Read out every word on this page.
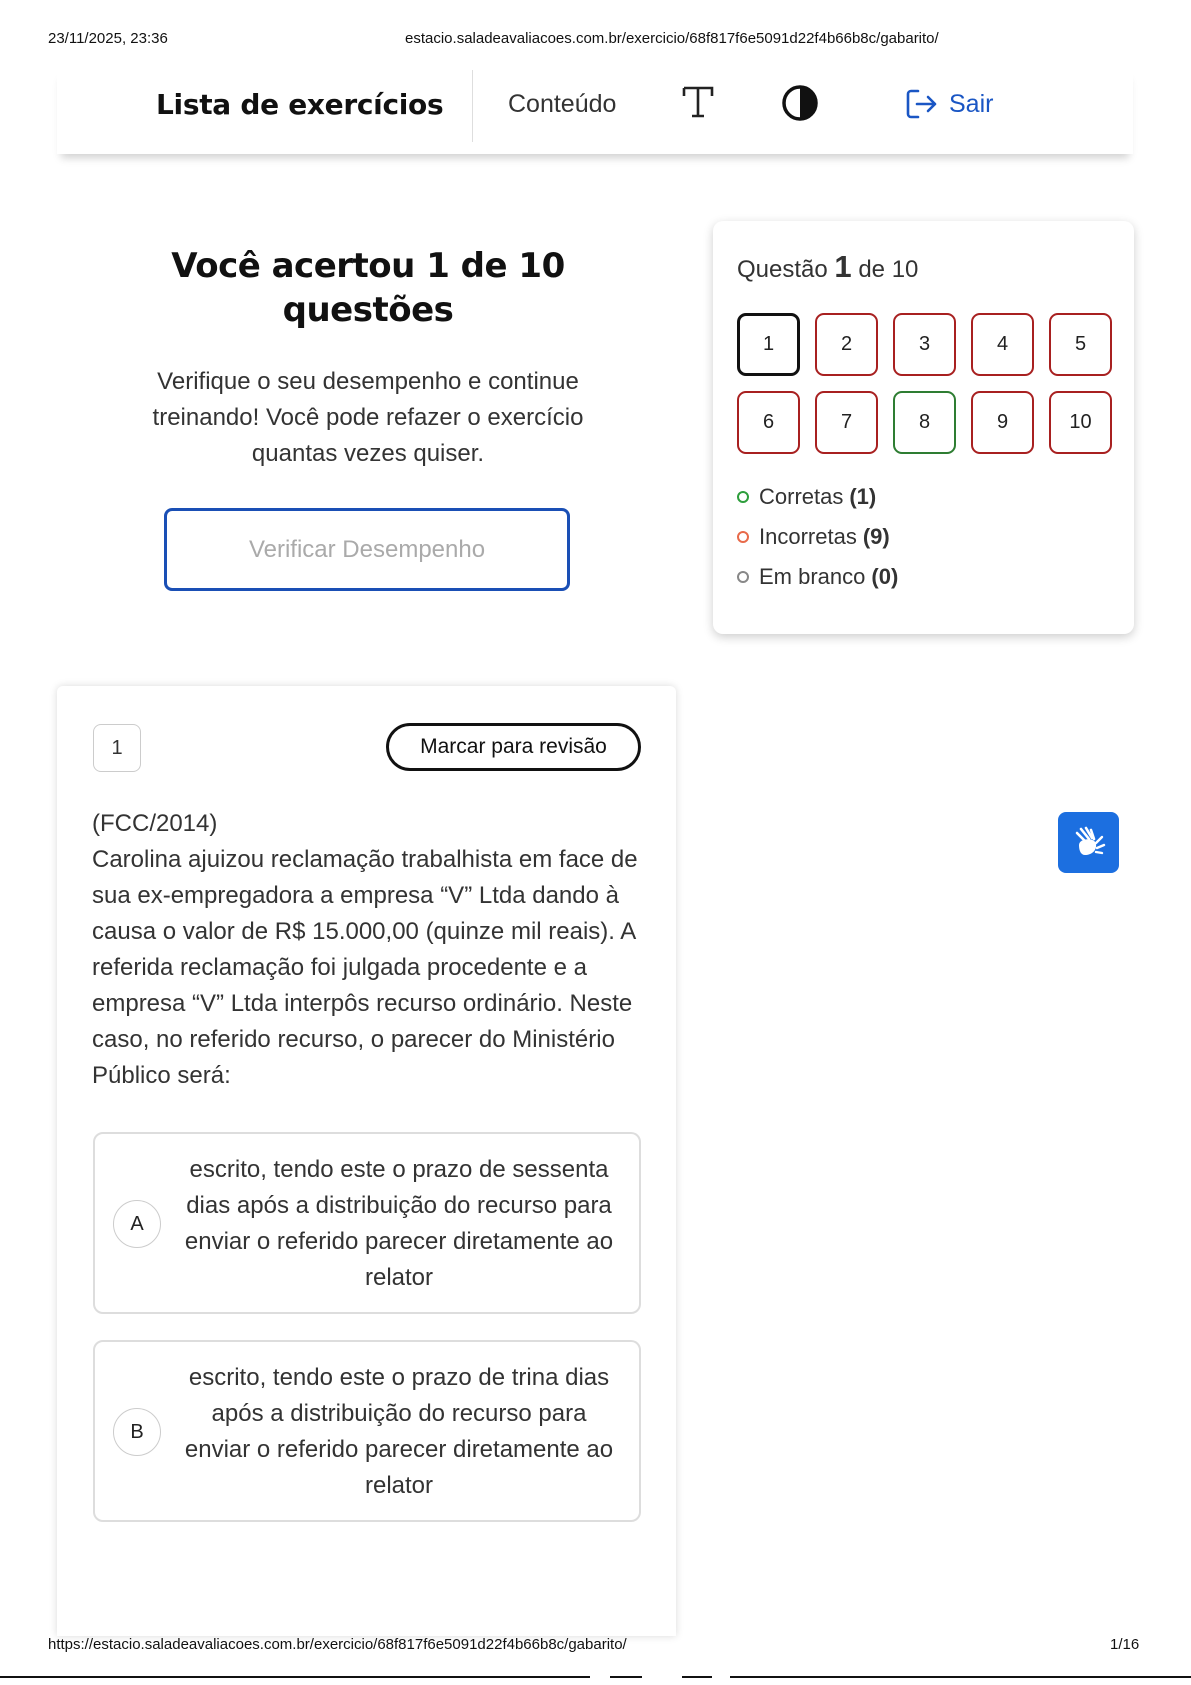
23/11/2025, 23:36	estacio.saladeavaliacoes.com.br/exercicio/68f817f6e5091d22f4b66b8c/gabarito/
Lista de exercícios	Conteúdo	Sair
Você acertou 1 de 10 questões

Verifique o seu desempenho e continue treinando! Você pode refazer o exercício quantas vezes quiser.

Verificar Desempenho
Questão 1 de 10
1	2	3	4	5
6	7	8	9	10
Corretas (1)
Incorretas (9)
Em branco (0)
1	Marcar para revisão
(FCC/2014)
Carolina ajuizou reclamação trabalhista em face de sua ex-empregadora a empresa “V” Ltda dando à causa o valor de R$ 15.000,00 (quinze mil reais). A referida reclamação foi julgada procedente e a empresa “V” Ltda interpôs recurso ordinário. Neste caso, no referido recurso, o parecer do Ministério Público será:
A
escrito, tendo este o prazo de sessenta dias após a distribuição do recurso para enviar o referido parecer diretamente ao relator
B
escrito, tendo este o prazo de trina dias após a distribuição do recurso para enviar o referido parecer diretamente ao relator
https://estacio.saladeavaliacoes.com.br/exercicio/68f817f6e5091d22f4b66b8c/gabarito/	1/16
